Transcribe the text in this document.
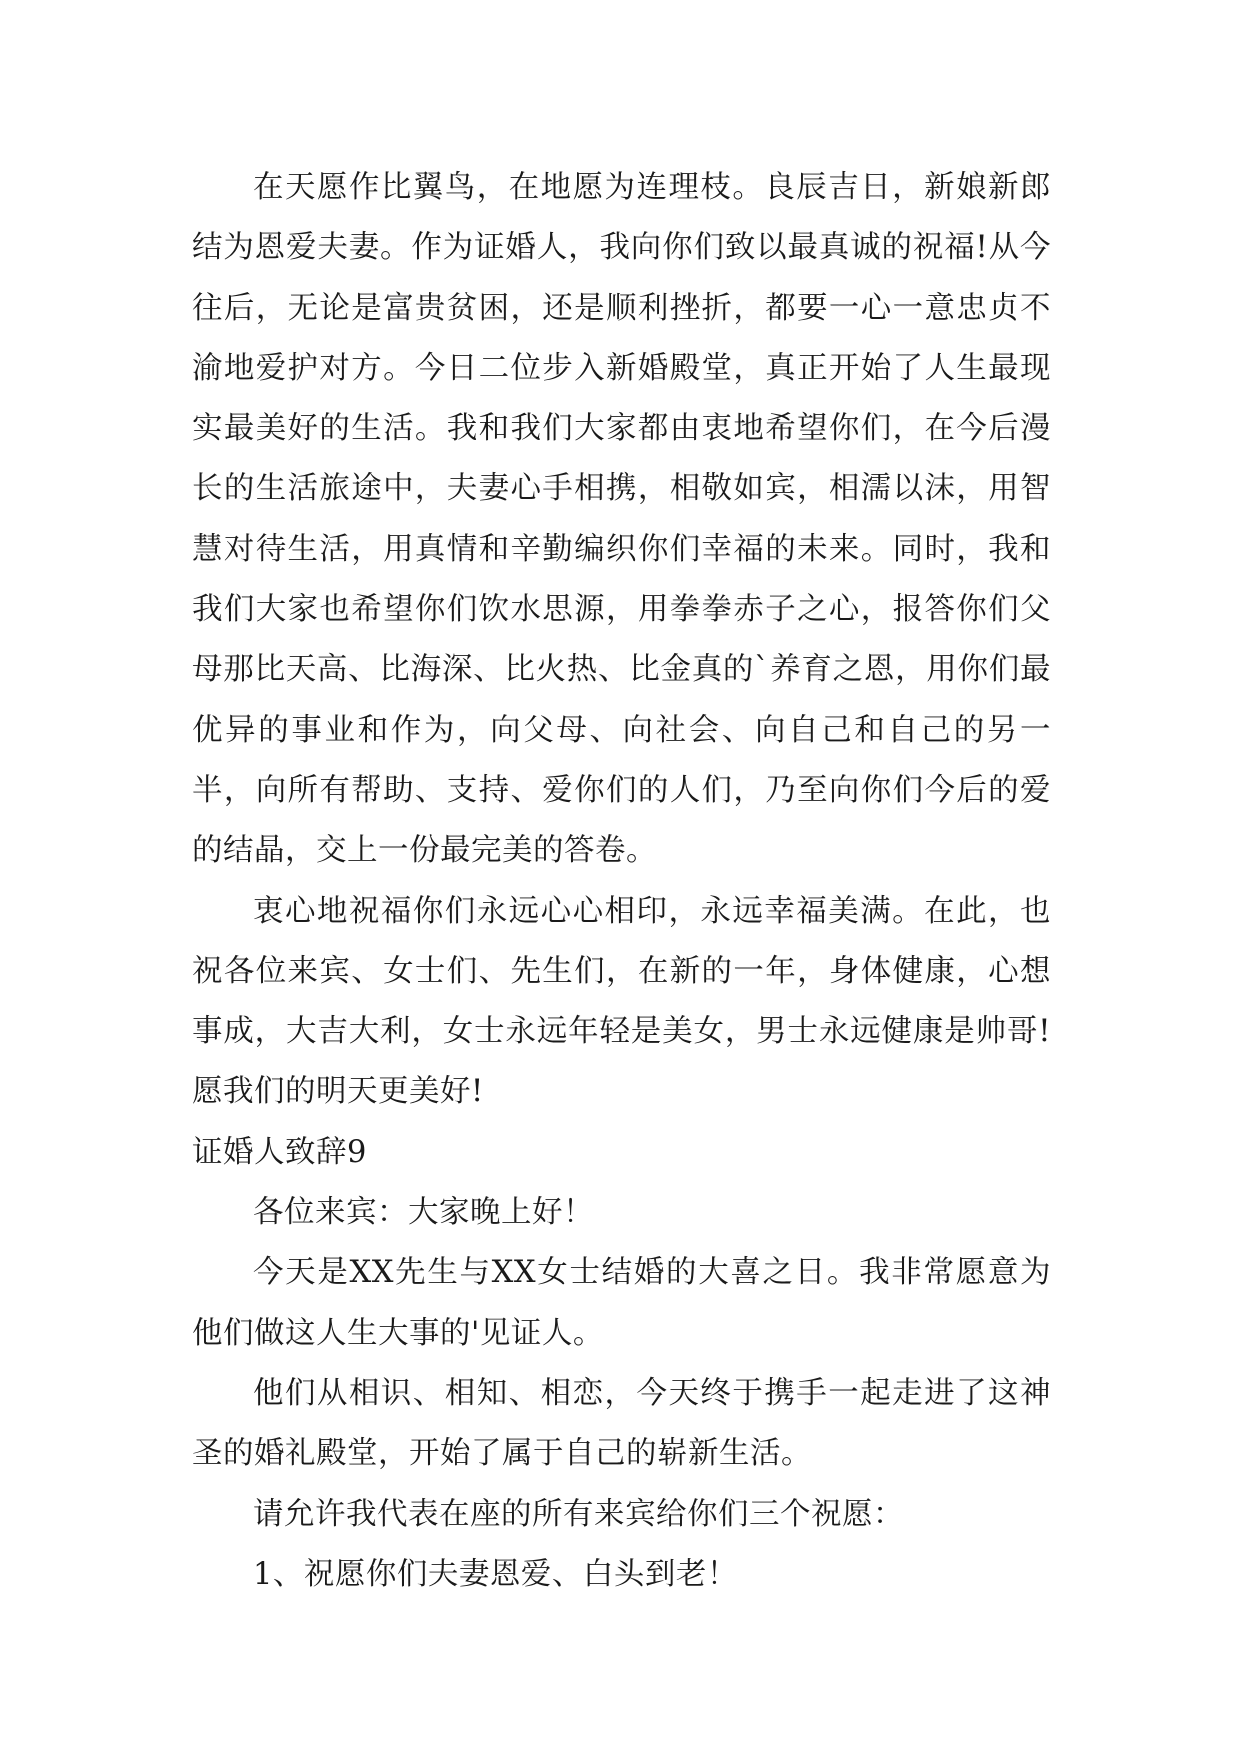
在天愿作比翼鸟，在地愿为连理枝。良辰吉日，新娘新郎结为恩爱夫妻。作为证婚人，我向你们致以最真诚的祝福!从今往后，无论是富贵贫困，还是顺利挫折，都要一心一意忠贞不渝地爱护对方。今日二位步入新婚殿堂，真正开始了人生最现实最美好的生活。我和我们大家都由衷地希望你们，在今后漫长的生活旅途中，夫妻心手相携，相敬如宾，相濡以沫，用智慧对待生活，用真情和辛勤编织你们幸福的未来。同时，我和我们大家也希望你们饮水思源，用拳拳赤子之心，报答你们父母那比天高、比海深、比火热、比金真的`养育之恩，用你们最优异的事业和作为，向父母、向社会、向自己和自己的另一半，向所有帮助、支持、爱你们的人们，乃至向你们今后的爱的结晶，交上一份最完美的答卷。

衷心地祝福你们永远心心相印，永远幸福美满。在此，也祝各位来宾、女士们、先生们，在新的一年，身体健康，心想事成，大吉大利，女士永远年轻是美女，男士永远健康是帅哥!愿我们的明天更美好!

证婚人致辞9

各位来宾：大家晚上好！

今天是XX先生与XX女士结婚的大喜之日。我非常愿意为他们做这人生大事的'见证人。

他们从相识、相知、相恋，今天终于携手一起走进了这神圣的婚礼殿堂，开始了属于自己的崭新生活。

请允许我代表在座的所有来宾给你们三个祝愿：

1、祝愿你们夫妻恩爱、白头到老！
